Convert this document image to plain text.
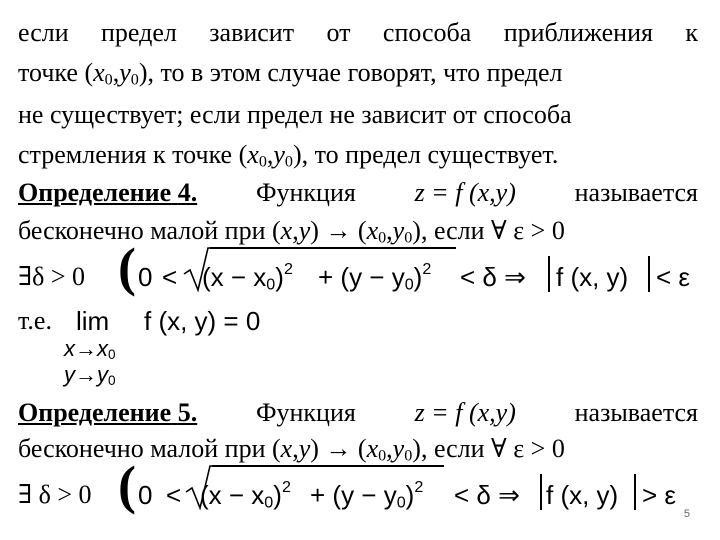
если предел зависит от способа приближения к
точке $(x_0,y_0)$, то в этом случае говорят, что предел
не существует; если предел не зависит от способа
стремления к точке $(x_0,y_0)$, то предел существует.
Определение 4. Функция z = f (x,y) называется
бесконечно малой при $(x,y) \to (x_0,y_0)$, если ∀ ε > 0
∃δ > 0 ( $0 < (x - x_0)^2 + (y - y_0)^2 < \delta$ ⇒ f (x, y) < ε
т.е. lim f (x, y) = 0
$x\to x_0$
$y\to y_0$
Определение 5. Функция z = f (x,y) называется
бесконечно малой при $(x,y) \to (x_0,y_0)$, если ∀ ε > 0
∃ δ > 0 ( $0 < (x - x_0)^2 + (y - y_0)^2 < \delta$ ⇒ f (x, y) > ε
5
